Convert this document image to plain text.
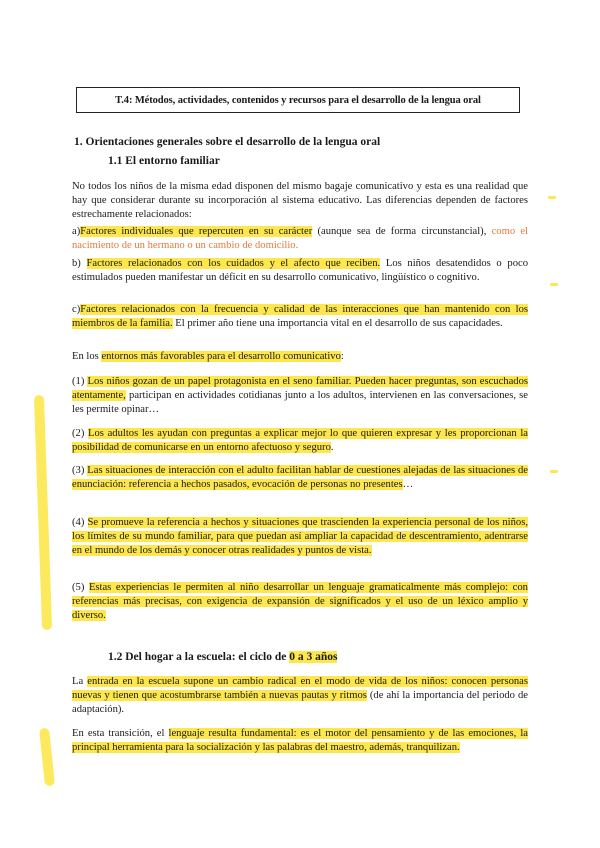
T.4: Métodos, actividades, contenidos y recursos para el desarrollo de la lengua oral
1. Orientaciones generales sobre el desarrollo de la lengua oral
1.1 El entorno familiar

No todos los niños de la misma edad disponen del mismo bagaje comunicativo y esta es una realidad que hay que considerar durante su incorporación al sistema educativo. Las diferencias dependen de factores estrechamente relacionados:

a)Factores individuales que repercuten en su carácter (aunque sea de forma circunstancial), como el nacimiento de un hermano o un cambio de domicilio.

b) Factores relacionados con los cuidados y el afecto que reciben. Los niños desatendidos o poco estimulados pueden manifestar un déficit en su desarrollo comunicativo, lingüístico o cognitivo.

c)Factores relacionados con la frecuencia y calidad de las interacciones que han mantenido con los miembros de la familia. El primer año tiene una importancia vital en el desarrollo de sus capacidades.

En los entornos más favorables para el desarrollo comunicativo:

(1) Los niños gozan de un papel protagonista en el seno familiar. Pueden hacer preguntas, son escuchados atentamente, participan en actividades cotidianas junto a los adultos, intervienen en las conversaciones, se les permite opinar…

(2) Los adultos les ayudan con preguntas a explicar mejor lo que quieren expresar y les proporcionan la posibilidad de comunicarse en un entorno afectuoso y seguro.

(3) Las situaciones de interacción con el adulto facilitan hablar de cuestiones alejadas de las situaciones de enunciación: referencia a hechos pasados, evocación de personas no presentes…

(4) Se promueve la referencia a hechos y situaciones que trascienden la experiencia personal de los niños, los límites de su mundo familiar, para que puedan así ampliar la capacidad de descentramiento, adentrarse en el mundo de los demás y conocer otras realidades y puntos de vista.

(5) Estas experiencias le permiten al niño desarrollar un lenguaje gramaticalmente más complejo: con referencias más precisas, con exigencia de expansión de significados y el uso de un léxico amplio y diverso.

1.2 Del hogar a la escuela: el ciclo de 0 a 3 años

La entrada en la escuela supone un cambio radical en el modo de vida de los niños: conocen personas nuevas y tienen que acostumbrarse también a nuevas pautas y ritmos (de ahí la importancia del periodo de adaptación).

En esta transición, el lenguaje resulta fundamental: es el motor del pensamiento y de las emociones, la principal herramienta para la socialización y las palabras del maestro, además, tranquilizan.
